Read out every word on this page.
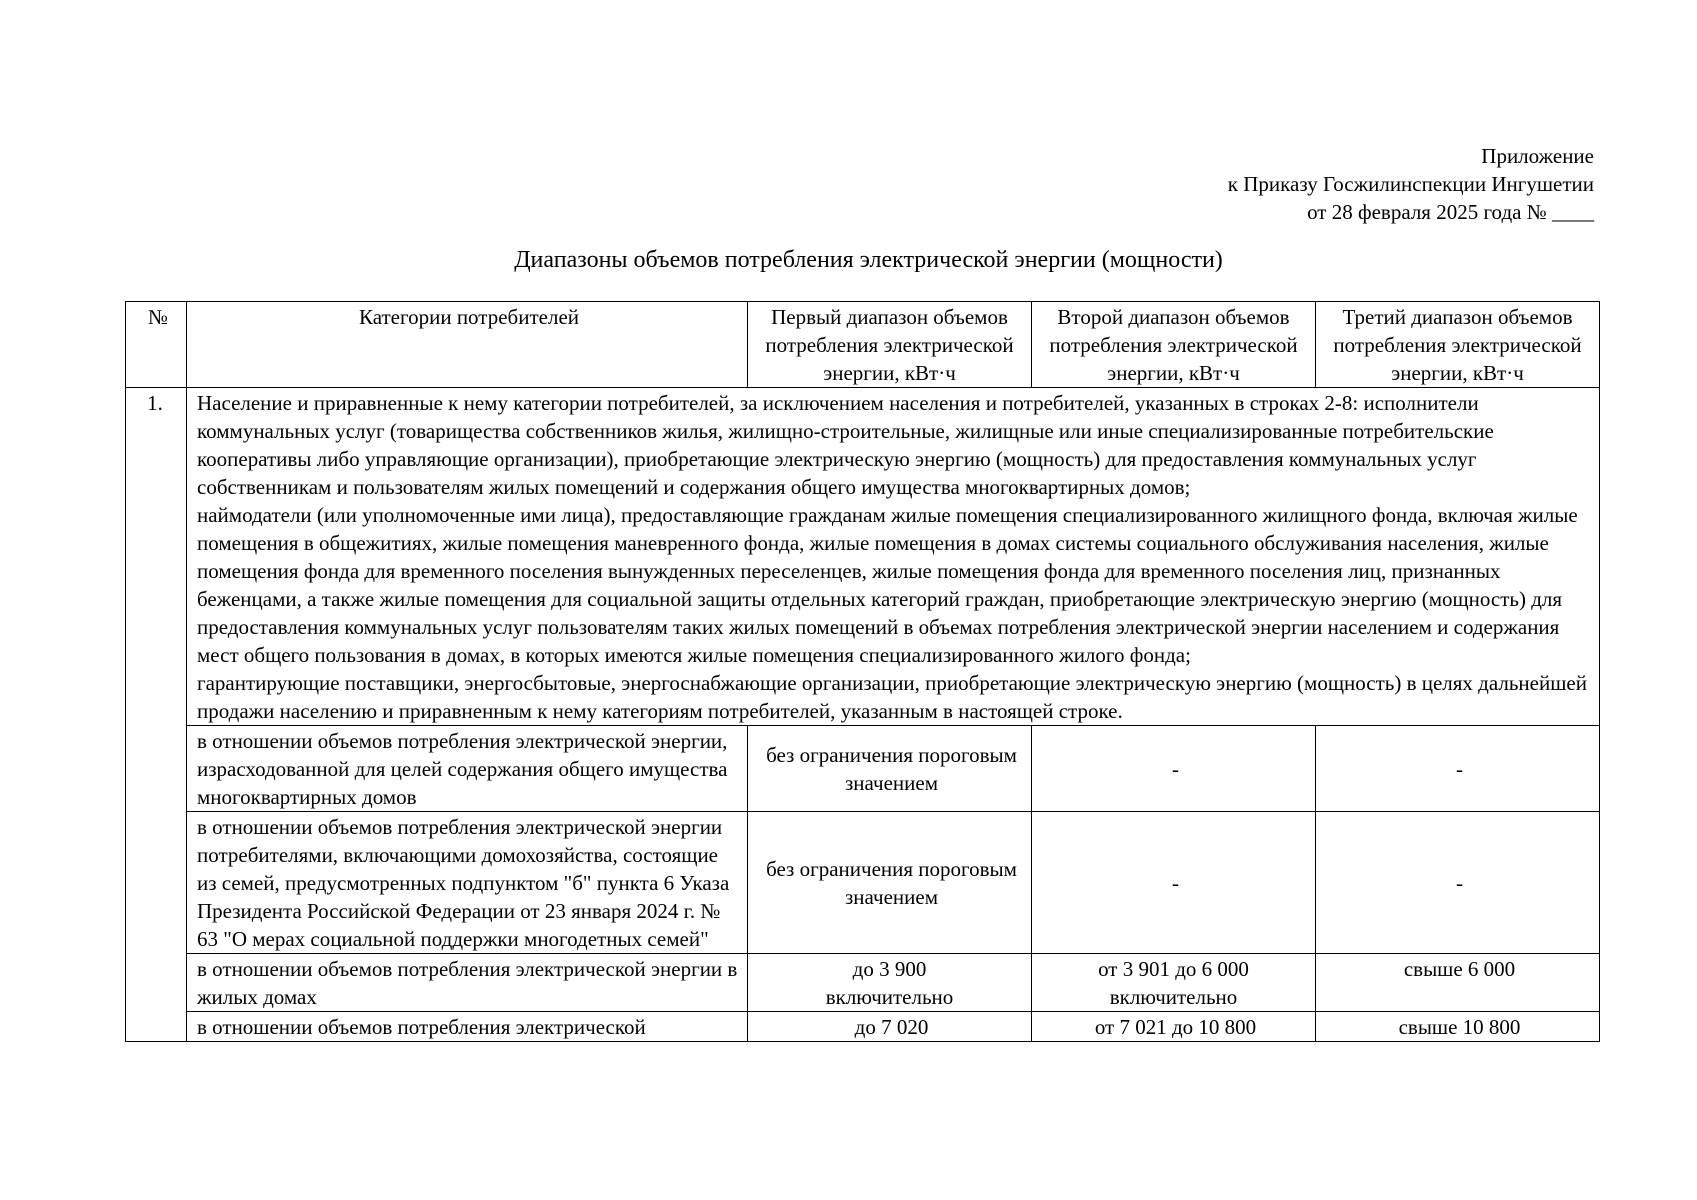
Приложение
к Приказу Госжилинспекции Ингушетии
от 28 февраля 2025 года № ____
Диапазоны объемов потребления электрической энергии (мощности)
№	Категории потребителей	Первый диапазон объемов потребления электрической энергии, кВт·ч	Второй диапазон объемов потребления электрической энергии, кВт·ч	Третий диапазон объемов потребления электрической энергии, кВт·ч
1.	Население и приравненные к нему категории потребителей, за исключением населения и потребителей, указанных в строках 2-8: исполнители коммунальных услуг (товарищества собственников жилья, жилищно-строительные, жилищные или иные специализированные потребительские кооперативы либо управляющие организации), приобретающие электрическую энергию (мощность) для предоставления коммунальных услуг собственникам и пользователям жилых помещений и содержания общего имущества многоквартирных домов;
наймодатели (или уполномоченные ими лица), предоставляющие гражданам жилые помещения специализированного жилищного фонда, включая жилые помещения в общежитиях, жилые помещения маневренного фонда, жилые помещения в домах системы социального обслуживания населения, жилые помещения фонда для временного поселения вынужденных переселенцев, жилые помещения фонда для временного поселения лиц, признанных беженцами, а также жилые помещения для социальной защиты отдельных категорий граждан, приобретающие электрическую энергию (мощность) для предоставления коммунальных услуг пользователям таких жилых помещений в объемах потребления электрической энергии населением и содержания мест общего пользования в домах, в которых имеются жилые помещения специализированного жилого фонда;
гарантирующие поставщики, энергосбытовые, энергоснабжающие организации, приобретающие электрическую энергию (мощность) в целях дальнейшей продажи населению и приравненным к нему категориям потребителей, указанным в настоящей строке.			

	в отношении объемов потребления электрической энергии, израсходованной для целей содержания общего имущества многоквартирных домов	без ограничения пороговым значением	-	-
	в отношении объемов потребления электрической энергии потребителями, включающими домохозяйства, состоящие из семей, предусмотренных подпунктом "б" пункта 6 Указа Президента Российской Федерации от 23 января 2024 г. № 63 "О мерах социальной поддержки многодетных семей"	без ограничения пороговым значением	-	-
	в отношении объемов потребления электрической энергии в жилых домах	до 3 900 включительно	от 3 901 до 6 000 включительно	свыше 6 000
	в отношении объемов потребления электрической	до 7 020	от 7 021 до 10 800	свыше 10 800
